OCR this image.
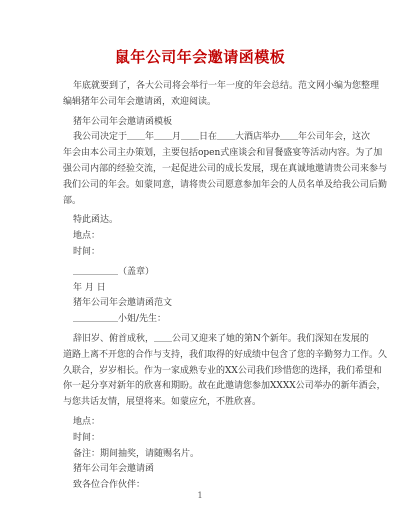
鼠年公司年会邀请函模板
年底就要到了，各大公司将会举行一年一度的年会总结。范文网小编为您整理
编辑猪年公司年会邀请函，欢迎阅读。
猪年公司年会邀请函模板
我公司决定于＿＿年＿＿月＿＿日在＿＿大酒店举办＿＿年公司年会，这次
年会由本公司主办策划，主要包括open式座谈会和冒餐盛宴等活动内容。为了加
强公司内部的经验交流，一起促进公司的成长发展，现在真诚地邀请贵公司来参与
我们公司的年会。如蒙同意，请将贵公司愿意参加年会的人员名单及给我公司后勤
部。
特此函达。
地点：
时间：
＿＿＿＿＿（盖章）
年 月 日
猪年公司年会邀请函范文
＿＿＿＿＿小姐/先生：
辞旧岁、俯首成秋，＿＿公司又迎来了她的第N个新年。我们深知在发展的
道路上离不开您的合作与支持，我们取得的好成绩中包含了您的辛勤努力工作。久
久联合，岁岁相长。作为一家成熟专业的XX公司我们珍惜您的选择，我们希望和
你一起分享对新年的欣喜和期盼。故在此邀请您参加XXXX公司举办的新年酒会，
与您共话友情，展望将来。如蒙应允，不胜欣喜。
地点：
时间：
备注：期间抽奖，请随赐名片。
猪年公司年会邀请函
致各位合作伙伴：
1
